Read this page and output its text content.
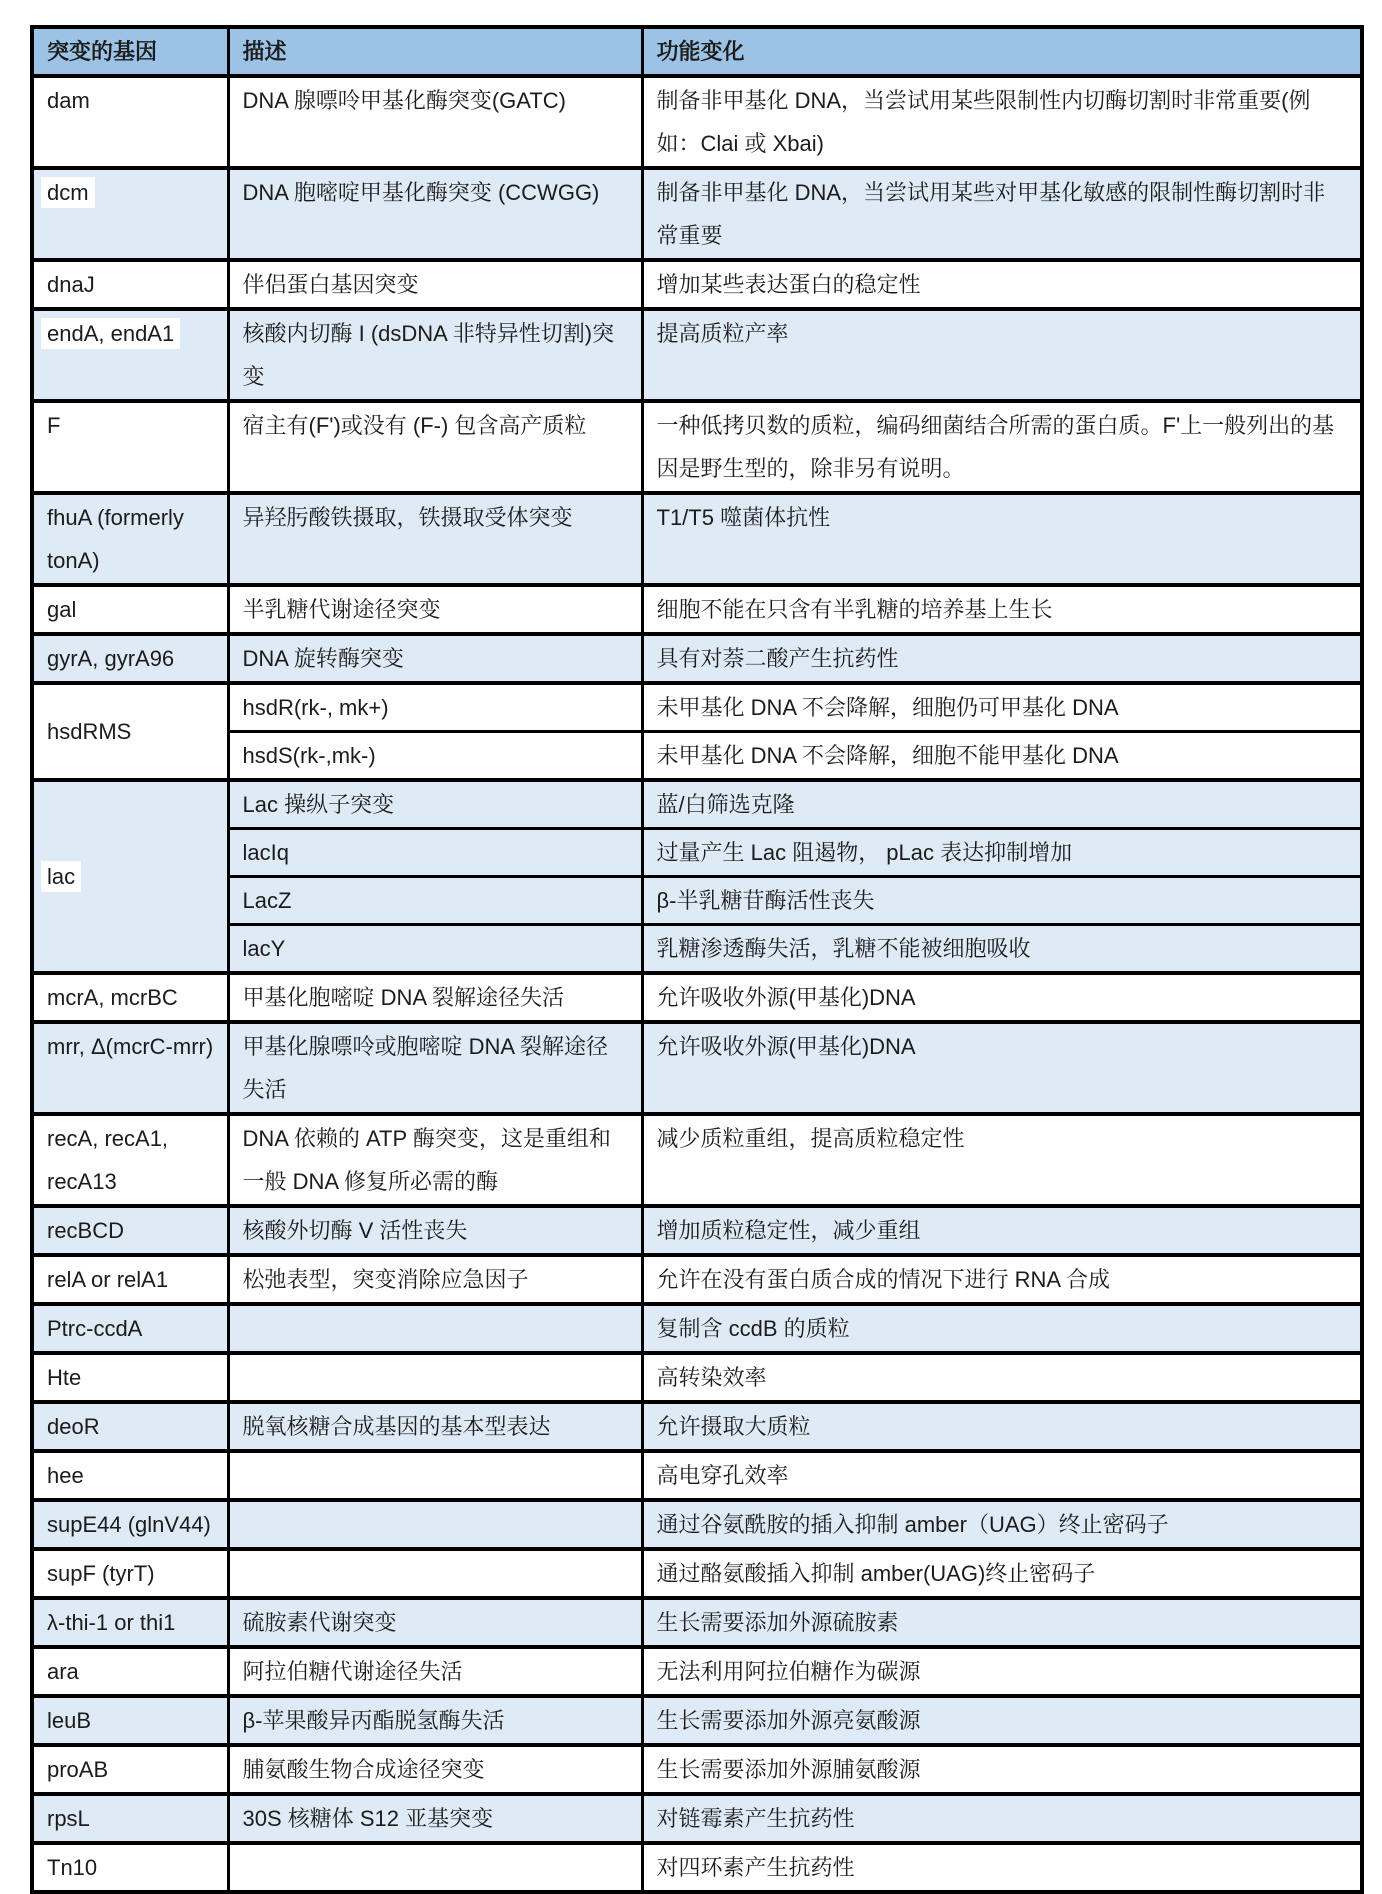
突变的基因	描述	功能变化
dam	DNA 腺嘌呤甲基化酶突变(GATC)	制备非甲基化 DNA，当尝试用某些限制性内切酶切割时非常重要(例如：Clai 或 Xbai)
dcm	DNA 胞嘧啶甲基化酶突变 (CCWGG)	制备非甲基化 DNA，当尝试用某些对甲基化敏感的限制性酶切割时非常重要
dnaJ	伴侣蛋白基因突变	增加某些表达蛋白的稳定性
endA, endA1	核酸内切酶 I (dsDNA 非特异性切割)突变	提高质粒产率
F	宿主有(F')或没有 (F-) 包含高产质粒	一种低拷贝数的质粒，编码细菌结合所需的蛋白质。F'上一般列出的基因是野生型的，除非另有说明。
fhuA (formerly tonA)	异羟肟酸铁摄取，铁摄取受体突变	T1/T5 噬菌体抗性
gal	半乳糖代谢途径突变	细胞不能在只含有半乳糖的培养基上生长
gyrA, gyrA96	DNA 旋转酶突变	具有对萘二酸产生抗药性
hsdRMS	hsdR(rk-, mk+)	未甲基化 DNA 不会降解，细胞仍可甲基化 DNA
	hsdS(rk-,mk-)	未甲基化 DNA 不会降解，细胞不能甲基化 DNA
lac	Lac 操纵子突变	蓝/白筛选克隆
	lacIq	过量产生 Lac 阻遏物， pLac 表达抑制增加
	LacZ	β-半乳糖苷酶活性丧失
	lacY	乳糖渗透酶失活，乳糖不能被细胞吸收
mcrA, mcrBC	甲基化胞嘧啶 DNA 裂解途径失活	允许吸收外源(甲基化)DNA
mrr, Δ(mcrC-mrr)	甲基化腺嘌呤或胞嘧啶 DNA 裂解途径失活	允许吸收外源(甲基化)DNA
recA, recA1, recA13	DNA 依赖的 ATP 酶突变，这是重组和一般 DNA 修复所必需的酶	减少质粒重组，提高质粒稳定性
recBCD	核酸外切酶 V 活性丧失	增加质粒稳定性，减少重组
relA or relA1	松弛表型，突变消除应急因子	允许在没有蛋白质合成的情况下进行 RNA 合成
Ptrc-ccdA		复制含 ccdB 的质粒
Hte		高转染效率
deoR	脱氧核糖合成基因的基本型表达	允许摄取大质粒
hee		高电穿孔效率
supE44 (glnV44)		通过谷氨酰胺的插入抑制 amber（UAG）终止密码子
supF (tyrT)		通过酪氨酸插入抑制 amber(UAG)终止密码子
λ-thi-1 or thi1	硫胺素代谢突变	生长需要添加外源硫胺素
ara	阿拉伯糖代谢途径失活	无法利用阿拉伯糖作为碳源
leuB	β-苹果酸异丙酯脱氢酶失活	生长需要添加外源亮氨酸源
proAB	脯氨酸生物合成途径突变	生长需要添加外源脯氨酸源
rpsL	30S 核糖体 S12 亚基突变	对链霉素产生抗药性
Tn10		对四环素产生抗药性
